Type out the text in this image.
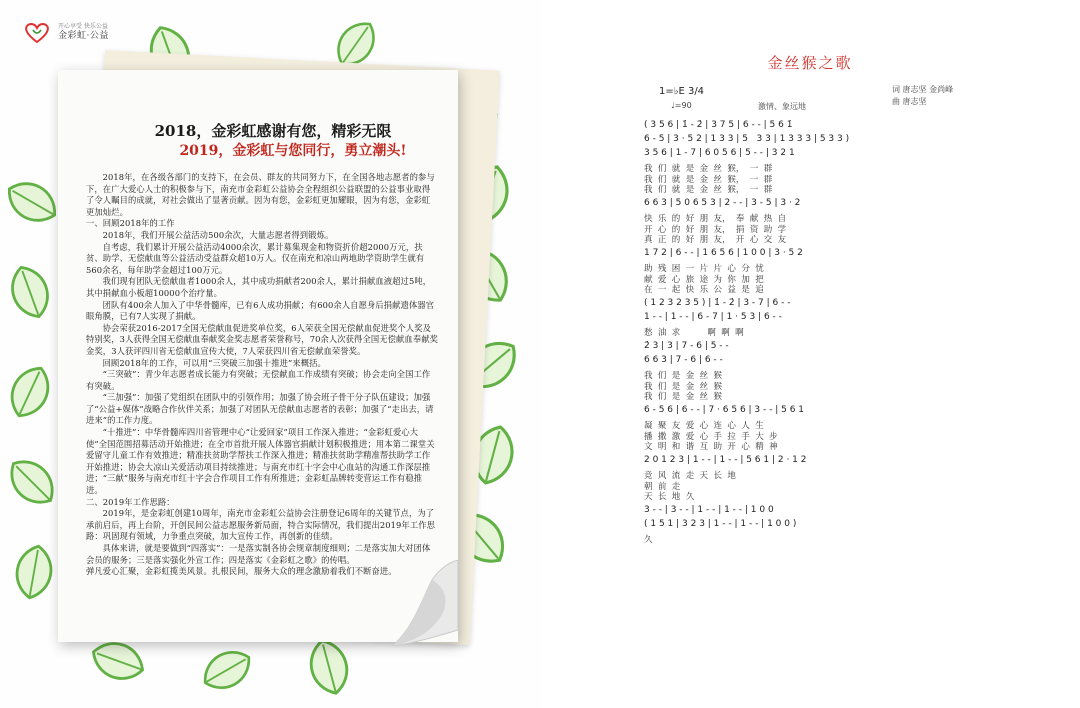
开心享受 快乐公益
金彩虹·公益
2018，金彩虹感谢有您，精彩无限
2019，金彩虹与您同行，勇立潮头!

2018年，在各级各部门的支持下，在会员、群友的共同努力下，在全国各地志愿者的参与下，在广大爱心人士的积极参与下，南充市金彩虹公益协会全程组织公益联盟的公益事业取得了令人瞩目的成就，对社会做出了显著贡献。因为有您，金彩虹更加耀眼，因为有您，金彩虹更加灿烂。

一、回顾2018年的工作

2018年，我们开展公益活动500余次，大量志愿者得到锻炼。

自考虑，我们累计开展公益活动4000余次，累计募集现金和物资折价超2000万元，扶贫、助学、无偿献血等公益活动受益群众超10万人。仅在南充和凉山两地助学资助学生就有560余名，每年助学金超过100万元。

我们现有团队无偿献血者1000余人，其中成功捐献者200余人，累计捐献血液超过5吨，其中捐献血小板超10000个治疗量。

团队有400余人加入了中华骨髓库，已有6人成功捐献；有600余人自愿身后捐献遗体器官眼角膜，已有7人实现了捐献。

协会荣获2016-2017全国无偿献血促进奖单位奖，6人荣获全国无偿献血促进奖个人奖及特别奖，3人获得全国无偿献血奉献奖金奖志愿者荣誉称号，70余人次获得全国无偿献血奉献奖金奖，3人获评四川省无偿献血宣传大使，7人荣获四川省无偿献血荣誉奖。

回顾2018年的工作，可以用“三突破三加强十推进”来概括。

“三突破”：青少年志愿者成长能力有突破；无偿献血工作成绩有突破；协会走向全国工作有突破。

“三加强”：加强了党组织在团队中的引领作用；加强了协会班子骨干分子队伍建设；加强了“公益+媒体”战略合作伙伴关系；加强了对团队无偿献血志愿者的表彰；加强了“走出去，请进来”的工作力度。

“十推进”：中华骨髓库四川省管理中心“让爱回家”项目工作深入推进；“金彩虹爱心大使”全国范围招募活动开始推进；在全市首批开展人体器官捐献计划积极推进；用本第二课堂关爱留守儿童工作有效推进；精准扶贫助学帮扶工作深入推进；精准扶贫助学精准帮扶助学工作开始推进；协会大凉山关爱活动项目持续推进；与南充市红十字会中心血站的沟通工作深层推进；“三献”服务与南充市红十字会合作项目工作有所推进；金彩虹品牌转变营运工作有稳推进。

二、2019年工作思路：

2019年，是金彩虹创建10周年，南充市金彩虹公益协会注册登记6周年的关键节点，为了承前启后，再上台阶，开创民间公益志愿服务新局面，特合实际情况，我们提出2019年工作思路：巩固现有领域，力争重点突破，加大宣传工作，再创新的佳绩。

具体来讲，就是要做到“四落实”：一是落实制各协会规章制度细则；二是落实加大对团体会员的服务；三是落实强化外宣工作；四是落实《金彩虹之歌》的传唱。

弹凡爱心汇聚，金彩虹揽美风景。扎根民间，服务大众的理念激励着我们不断奋进。

金丝猴之歌
1=♭E 3/4
♩=90	激情、象远地
词 唐志坚 金尚峰
曲 唐志坚
( 3 5 6 | 1̇ - 2̇ | 3 7 5 | 6 - - | 5 6 1̇
6 - 5 | 3 · 5 2 | 1 3 3 | 5   3 3 | 1 3 3 3 | 5 3 3 )
3 5 6 | 1 - 7 | 6 0 5 6 | 5 - - | 3 2 1
我  们  就  是  金  丝  猴，  一  群
我  们  就  是  金  丝  猴，  一  群
我  们  就  是  金  丝  猴，  一  群
6 6 3 | 5 0 6 5 3 | 2 - - | 3 - 5 | 3 · 2
快  乐  的  好  朋  友，  奉  献  热  自
开  心  的  好  朋  友，  捐  资  助  学
真  正  的  好  朋  友，  开  心  交  友
1 7 2 | 6 - - | 1 6 5 6 | 1 0 0 | 3 · 5 2
助  残  困  一  片  片  心  分  忧
献  爱  心  旅  途  为  你  加  把
在  一  起  快  乐  公  益  是  追
( 1 2 3 2 3 5 ) | 1̇ - 2̇ | 3 - 7 | 6 - -
1 - - | 1 - - | 6 - 7 | 1 · 5 3 | 6 - -
愁  油  求          啊  啊  啊
2̇ 3 | 3 | 7 - 6 | 5 - -
6 6 3 | 7 - 6 | 6 - -
我  们  是  金  丝  猴
我  们  是  金  丝  猴
我  们  是  金  丝  猴
6 - 5 6 | 6 - - | 7 · 6 5 6 | 3 - - | 5 6 1
凝  聚  友  爱  心  连  心  人  生
播  撒  激  爱  心  手  拉  手  大  步
文  明  和  谐  互  助  开  心  精  神
2 0 1 2 3 | 1 - - | 1 - - | 5 6 1 | 2 · 1 2
竞  风  流  走  天  长  地
朝  前  走
天  长  地  久
3 - - | 3 - - | 1 - - | 1 - - | 1 0 0
( 1 5 1 | 3 2 3 | 1 - - | 1 - - | 1 0 0 )
久
